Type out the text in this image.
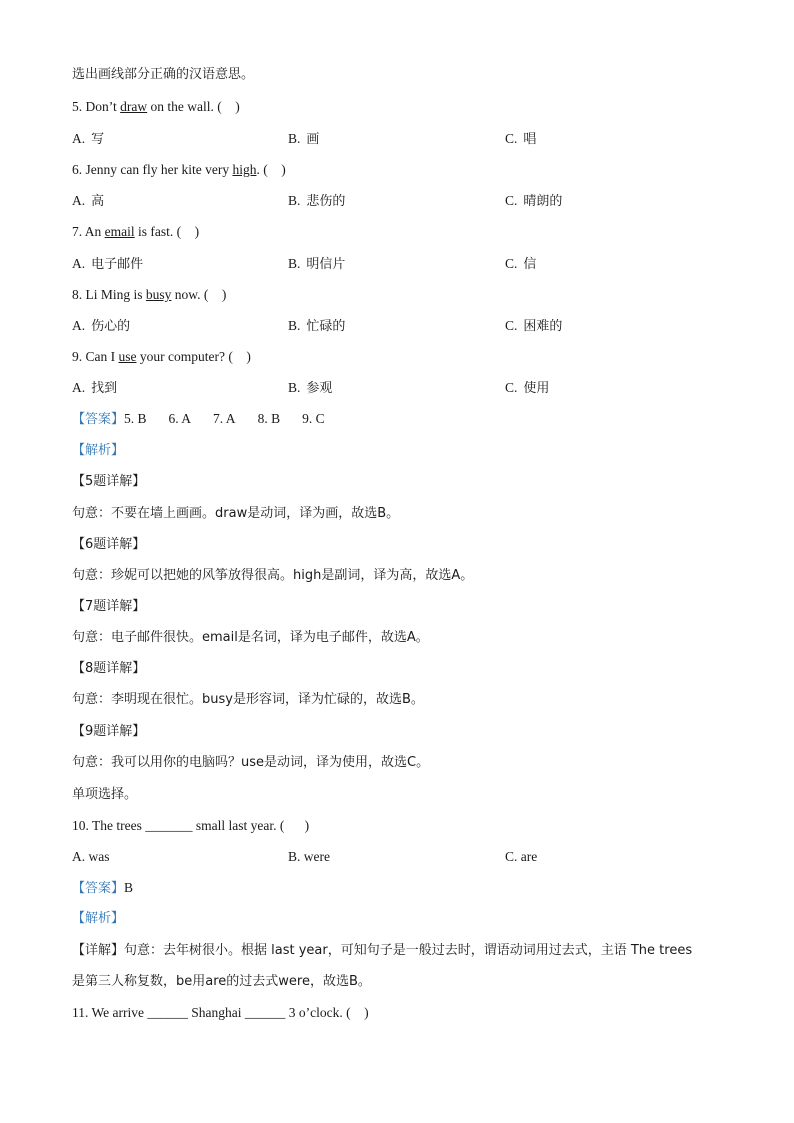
选出画线部分正确的汉语意思。
5. Don’t draw on the wall. ( )
A. 写	B. 画	C. 唱
6. Jenny can fly her kite very high. ( )
A. 高	B. 悲伤的	C. 晴朗的
7. An email is fast. ( )
A. 电子邮件	B. 明信片	C. 信
8. Li Ming is busy now. ( )
A. 伤心的	B. 忙碌的	C. 困难的
9. Can I use your computer? ( )
A. 找到	B. 参观	C. 使用
【答案】5. B 6. A 7. A 8. B 9. C
【解析】
【5题详解】
句意：不要在墙上画画。draw是动词，译为画，故选B。
【6题详解】
句意：珍妮可以把她的风筝放得很高。high是副词，译为高，故选A。
【7题详解】
句意：电子邮件很快。email是名词，译为电子邮件，故选A。
【8题详解】
句意：李明现在很忙。busy是形容词，译为忙碌的，故选B。
【9题详解】
句意：我可以用你的电脑吗？use是动词，译为使用，故选C。
单项选择。
10. The trees _______ small last year. ( )
A. was	B. were	C. are
【答案】B
【解析】
【详解】句意：去年树很小。根据 last year，可知句子是一般过去时，谓语动词用过去式，主语 The trees
是第三人称复数，be用are的过去式were，故选B。
11. We arrive ______ Shanghai ______ 3 o’clock. ( )
